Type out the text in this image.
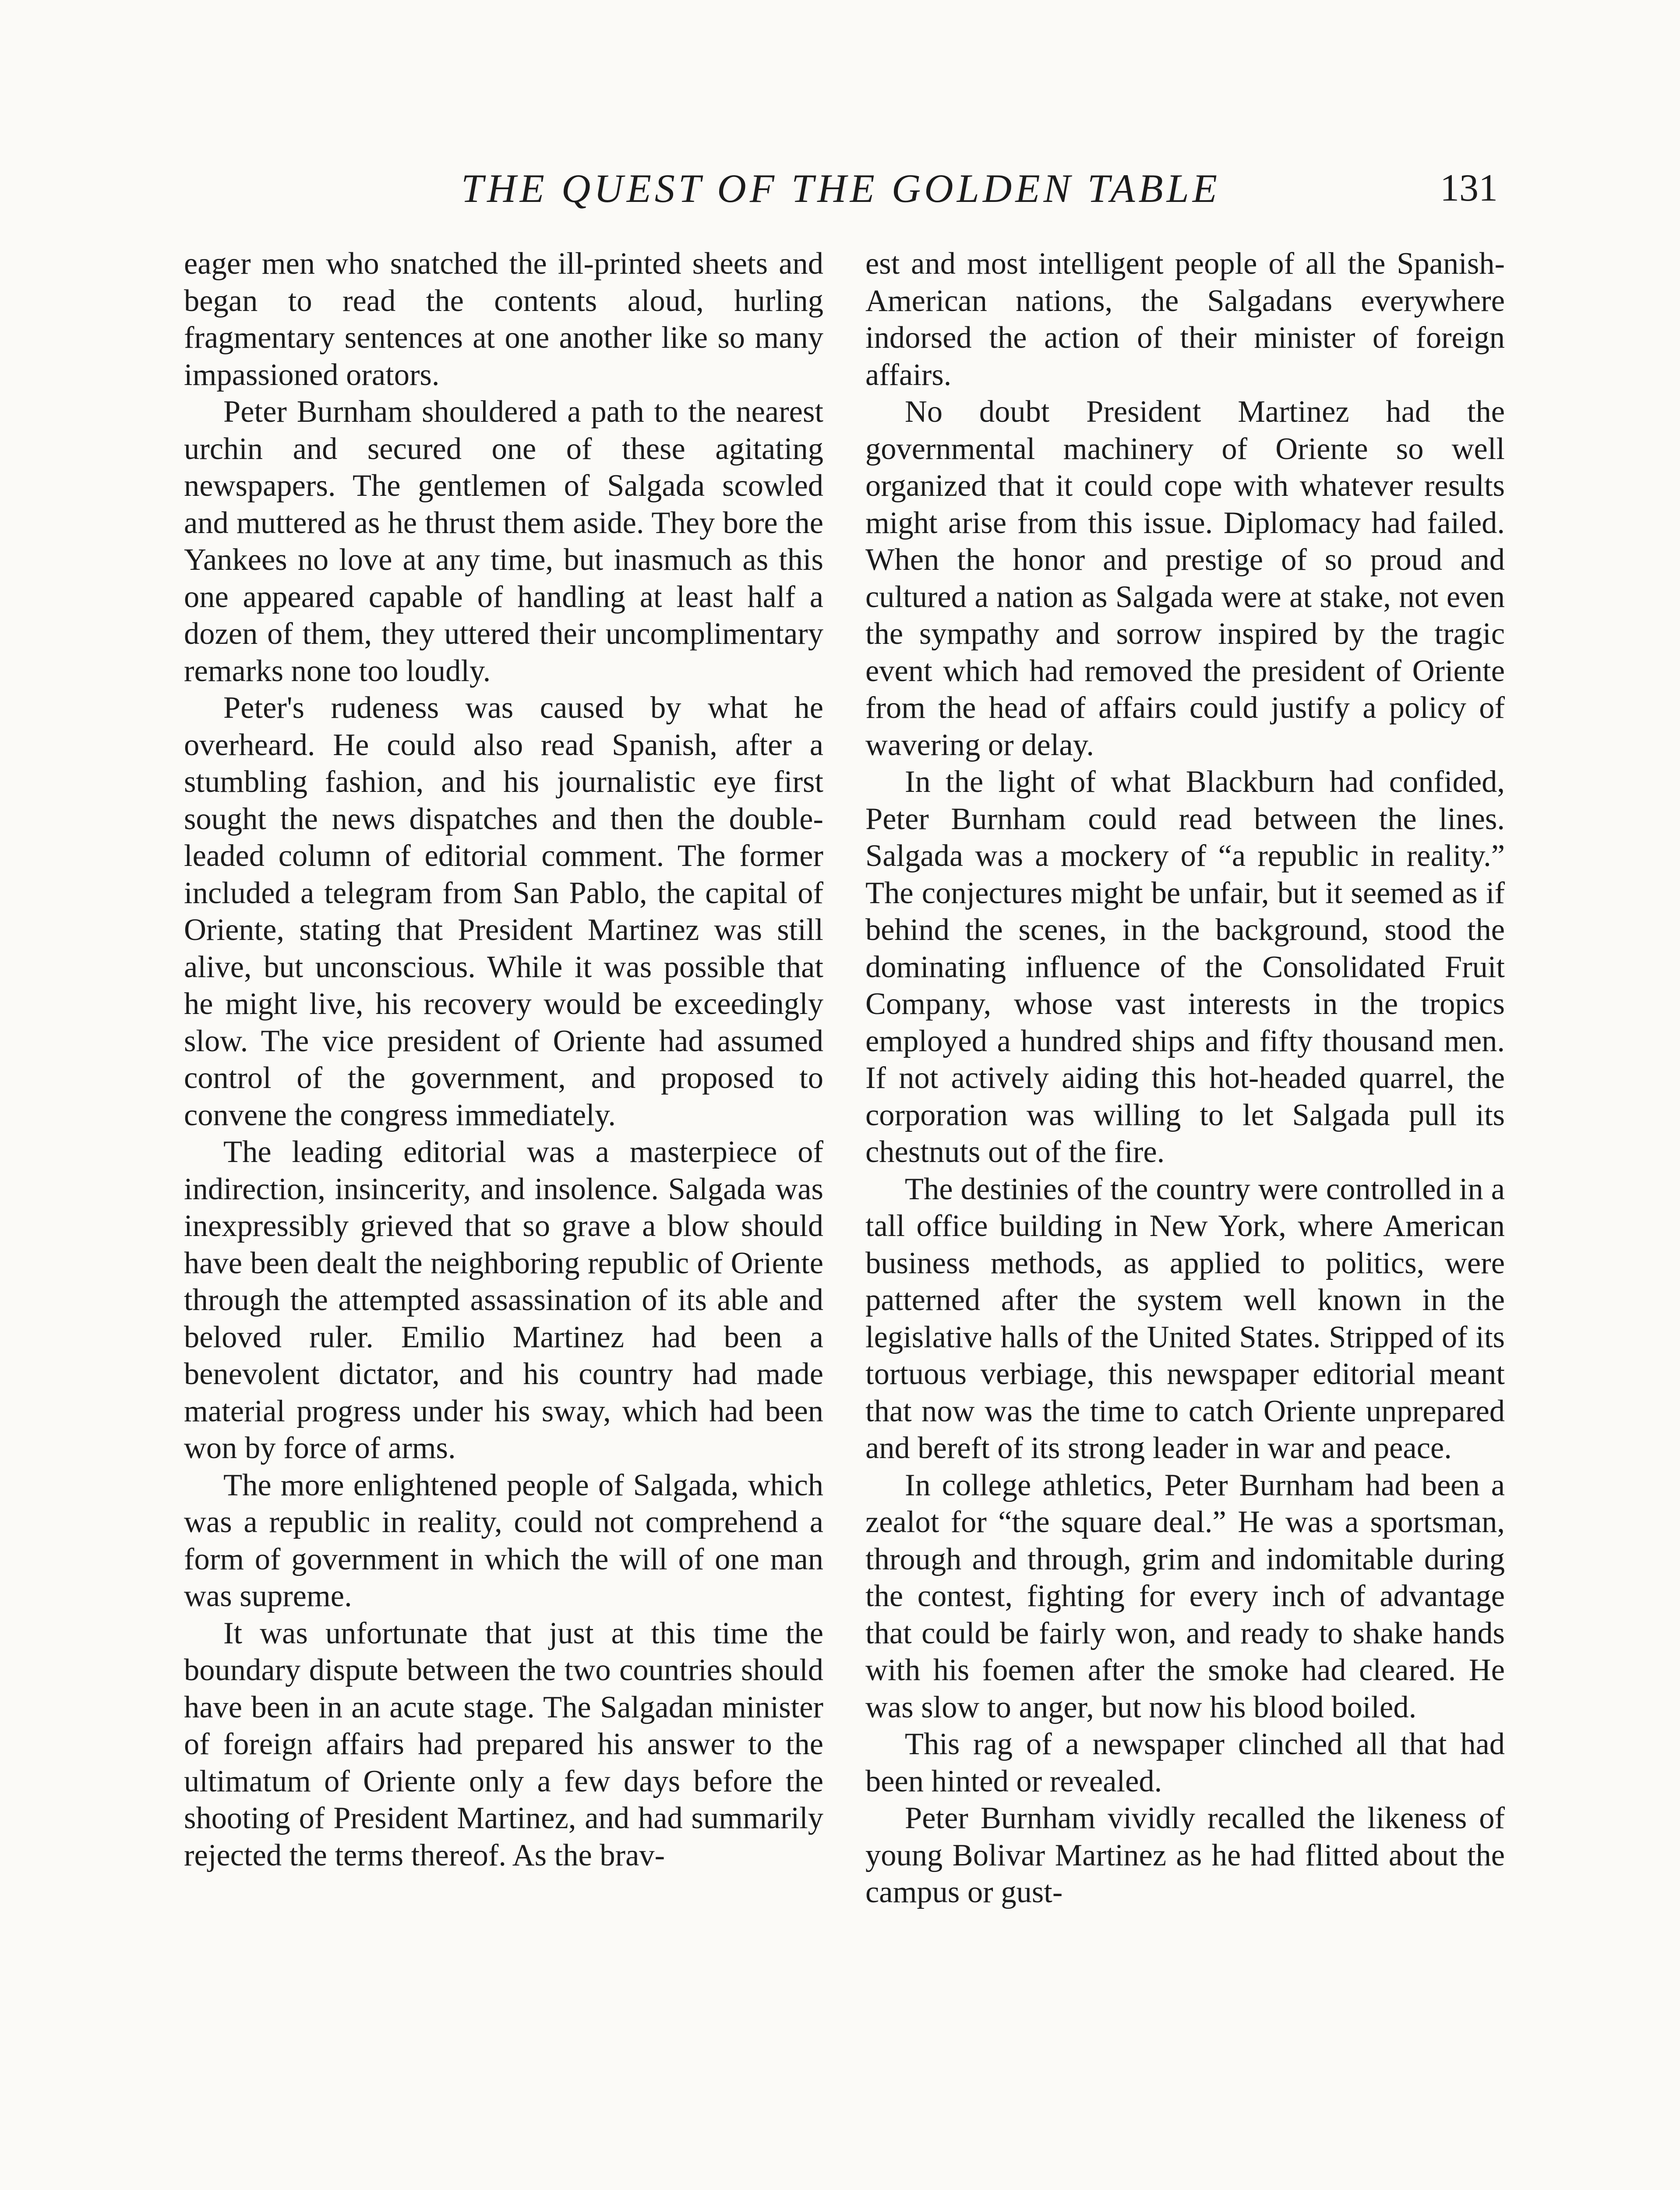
THE QUEST OF THE GOLDEN TABLE	131

eager men who snatched the ill-printed sheets and began to read the contents aloud, hurling fragmentary sentences at one another like so many impassioned orators.

Peter Burnham shouldered a path to the nearest urchin and secured one of these agitating newspapers. The gentlemen of Salgada scowled and muttered as he thrust them aside. They bore the Yankees no love at any time, but inasmuch as this one appeared capable of handling at least half a dozen of them, they uttered their uncomplimentary remarks none too loudly.

Peter's rudeness was caused by what he overheard. He could also read Spanish, after a stumbling fashion, and his journalistic eye first sought the news dispatches and then the double-leaded column of editorial comment. The former included a telegram from San Pablo, the capital of Oriente, stating that President Martinez was still alive, but unconscious. While it was possible that he might live, his recovery would be exceedingly slow. The vice president of Oriente had assumed control of the government, and proposed to convene the congress immediately.

The leading editorial was a masterpiece of indirection, insincerity, and insolence. Salgada was inexpressibly grieved that so grave a blow should have been dealt the neighboring republic of Oriente through the attempted assassination of its able and beloved ruler. Emilio Martinez had been a benevolent dictator, and his country had made material progress under his sway, which had been won by force of arms.

The more enlightened people of Salgada, which was a republic in reality, could not comprehend a form of government in which the will of one man was supreme.

It was unfortunate that just at this time the boundary dispute between the two countries should have been in an acute stage. The Salgadan minister of foreign affairs had prepared his answer to the ultimatum of Oriente only a few days before the shooting of President Martinez, and had summarily rejected the terms thereof. As the brav-

est and most intelligent people of all the Spanish-American nations, the Salgadans everywhere indorsed the action of their minister of foreign affairs.

No doubt President Martinez had the governmental machinery of Oriente so well organized that it could cope with whatever results might arise from this issue. Diplomacy had failed. When the honor and prestige of so proud and cultured a nation as Salgada were at stake, not even the sympathy and sorrow inspired by the tragic event which had removed the president of Oriente from the head of affairs could justify a policy of wavering or delay.

In the light of what Blackburn had confided, Peter Burnham could read between the lines. Salgada was a mockery of “a republic in reality.” The conjectures might be unfair, but it seemed as if behind the scenes, in the background, stood the dominating influence of the Consolidated Fruit Company, whose vast interests in the tropics employed a hundred ships and fifty thousand men. If not actively aiding this hot-headed quarrel, the corporation was willing to let Salgada pull its chestnuts out of the fire.

The destinies of the country were controlled in a tall office building in New York, where American business methods, as applied to politics, were patterned after the system well known in the legislative halls of the United States. Stripped of its tortuous verbiage, this newspaper editorial meant that now was the time to catch Oriente unprepared and bereft of its strong leader in war and peace.

In college athletics, Peter Burnham had been a zealot for “the square deal.” He was a sportsman, through and through, grim and indomitable during the contest, fighting for every inch of advantage that could be fairly won, and ready to shake hands with his foemen after the smoke had cleared. He was slow to anger, but now his blood boiled.

This rag of a newspaper clinched all that had been hinted or revealed.

Peter Burnham vividly recalled the likeness of young Bolivar Martinez as he had flitted about the campus or gust-
